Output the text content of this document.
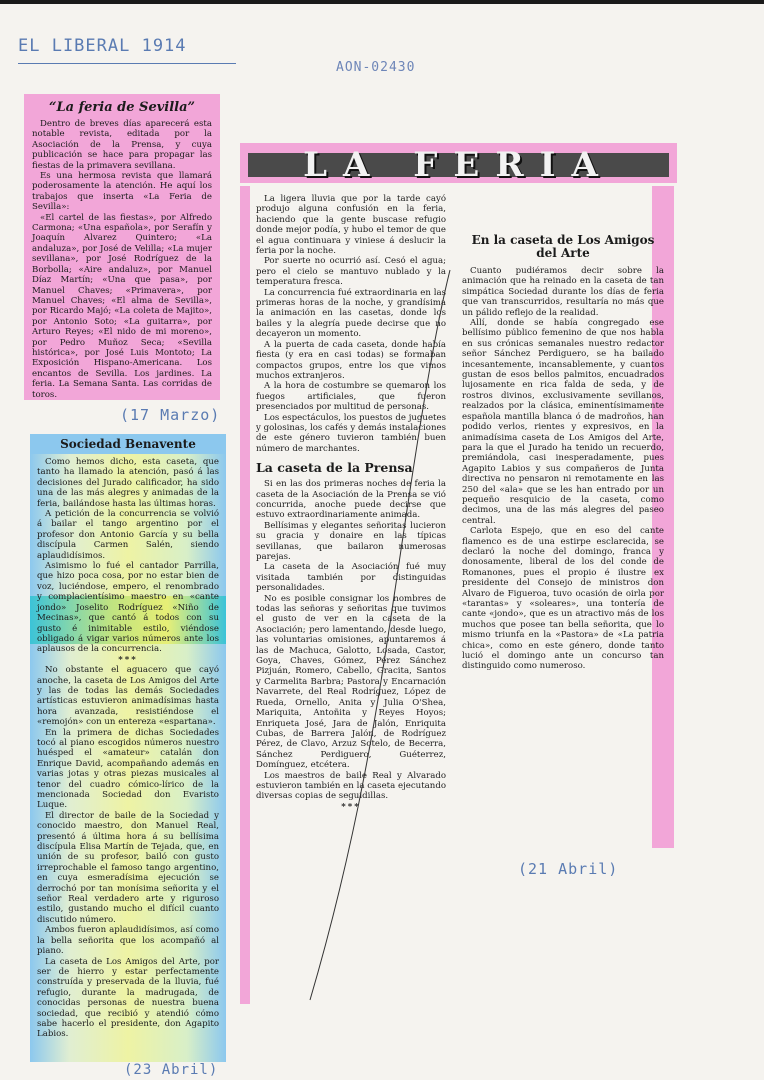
EL LIBERAL 1914
AON-02430

“La feria de Sevilla”

Dentro de breves días aparecerá esta notable revista, editada por la Asociación de la Prensa, y cuya publicación se hace para propagar las fiestas de la primavera sevillana.

Es una hermosa revista que llamará poderosamente la atención. He aquí los trabajos que inserta «La Feria de Sevilla»:

«El cartel de las fiestas», por Alfredo Carmona; «Una española», por Serafín y Joaquín Alvarez Quintero; «La andaluza», por José de Velilla; «La mujer sevillana», por José Rodríguez de la Borbolla; «Aire andaluz», por Manuel Díaz Martín; «Una que pasa», por Manuel Chaves; «Primavera», por Manuel Chaves; «El alma de Sevilla», por Ricardo Majó; «La coleta de Majito», por Antonio Soto; «La guitarra», por Arturo Reyes; «El nido de mi moreno», por Pedro Muñoz Seca; «Sevilla histórica», por José Luis Montoto; La Exposición Hispano-Americana. Los encantos de Sevilla. Los jardines. La feria. La Semana Santa. Las corridas de toros.

(17 Marzo)

Sociedad Benavente

Como hemos dicho, esta caseta, que tanto ha llamado la atención, pasó á las decisiones del Jurado calificador, ha sido una de las más alegres y animadas de la feria, bailándose hasta las últimas horas.

A petición de la concurrencia se volvió á bailar el tango argentino por el profesor don Antonio García y su bella discípula Carmen Salén, siendo aplaudidísimos.

Asimismo lo fué el cantador Parrilla, que hizo poca cosa, por no estar bien de voz, luciéndose, empero, el renombrado y complacientísimo maestro en «cante jondo» Joselito Rodríguez «Niño de Mecinas», que cantó á todos con su gusto é inimitable estilo, viéndose obligado á vigar varios números ante los aplausos de la concurrencia.

***

No obstante el aguacero que cayó anoche, la caseta de Los Amigos del Arte y las de todas las demás Sociedades artísticas estuvieron animadísimas hasta hora avanzada, resistiéndose el «remojón» con un entereza «espartana».

En la primera de dichas Sociedades tocó al piano escogidos números nuestro huésped el «amateur» catalán don Enrique David, acompañando además en varias jotas y otras piezas musicales al tenor del cuadro cómico-lírico de la mencionada Sociedad don Evaristo Luque.

El director de baile de la Sociedad y conocido maestro, don Manuel Real, presentó á última hora á su bellísima discípula Elisa Martín de Tejada, que, en unión de su profesor, bailó con gusto irreprochable el famoso tango argentino, en cuya esmeradísima ejecución se derrochó por tan monísima señorita y el señor Real verdadero arte y riguroso estilo, gustando mucho el difícil cuanto discutido número.

Ambos fueron aplaudidísimos, así como la bella señorita que los acompañó al piano.

La caseta de Los Amigos del Arte, por ser de hierro y estar perfectamente construída y preservada de la lluvia, fué refugio, durante la madrugada, de conocidas personas de nuestra buena sociedad, que recibió y atendió cómo sabe hacerlo el presidente, don Agapito Labios.

(23 Abril)
LA FERIA

La ligera lluvia que por la tarde cayó produjo alguna confusión en la feria, haciendo que la gente buscase refugio donde mejor podía, y hubo el temor de que el agua continuara y viniese á deslucir la feria por la noche.

Por suerte no ocurrió así. Cesó el agua; pero el cielo se mantuvo nublado y la temperatura fresca.

La concurrencia fué extraordinaria en las primeras horas de la noche, y grandísima la animación en las casetas, donde los bailes y la alegría puede decirse que no decayeron un momento.

A la puerta de cada caseta, donde había fiesta (y era en casi todas) se formaban compactos grupos, entre los que vimos muchos extranjeros.

A la hora de costumbre se quemaron los fuegos artificiales, que fueron presenciados por multitud de personas.

Los espectáculos, los puestos de juguetes y golosinas, los cafés y demás instalaciones de este género tuvieron también buen número de marchantes.

La caseta de la Prensa

Si en las dos primeras noches de feria la caseta de la Asociación de la Prensa se vió concurrida, anoche puede decirse que estuvo extraordinariamente animada.

Bellísimas y elegantes señoritas lucieron su gracia y donaire en las típicas sevillanas, que bailaron numerosas parejas.

La caseta de la Asociación fué muy visitada también por distinguidas personalidades.

No es posible consignar los nombres de todas las señoras y señoritas que tuvimos el gusto de ver en la caseta de la Asociación; pero lamentando, desde luego, las voluntarias omisiones, apuntaremos á las de Machuca, Galotto, Losada, Castor, Goya, Chaves, Gómez, Pérez Sánchez Pizjuán, Romero, Cabello, Gracita, Santos y Carmelita Barbra; Pastora y Encarnación Navarrete, del Real Rodríguez, López de Rueda, Ornello, Anita y Julia O'Shea, Mariquita, Antoñita y Reyes Hoyos; Enriqueta José, Jara de Jalón, Enriquita Cubas, de Barrera Jalón, de Rodríguez Pérez, de Clavo, Arzuz Sotelo, de Becerra, Sánchez Perdiguero, Guéterrez, Domínguez, etcétera.

Los maestros de baile Real y Alvarado estuvieron también en la caseta ejecutando diversas copias de seguidillas.

***

En la caseta de Los Amigos del Arte

Cuanto pudiéramos decir sobre la animación que ha reinado en la caseta de tan simpática Sociedad durante los días de feria que van transcurridos, resultaría no más que un pálido reflejo de la realidad.

Allí, donde se había congregado ese bellísimo público femenino de que nos habla en sus crónicas semanales nuestro redactor señor Sánchez Perdiguero, se ha bailado incesantemente, incansablemente, y cuantos gustan de esos bellos palmitos, encuadrados lujosamente en rica falda de seda, y de rostros divinos, exclusivamente sevillanos, realzados por la clásica, eminentísimamente española mantilla blanca ó de madroños, han podido verlos, rientes y expresivos, en la animadísima caseta de Los Amigos del Arte, para la que el Jurado ha tenido un recuerdo, premiándola, casi inesperadamente, pues Agapito Labios y sus compañeros de Junta directiva no pensaron ni remotamente en las 250 del «ala» que se les han entrado por un pequeño resquicio de la caseta, como decimos, una de las más alegres del paseo central.

Carlota Espejo, que en eso del cante flamenco es de una estirpe esclarecida, se declaró la noche del domingo, franca y donosamente, liberal de los del conde de Romanones, pues el propio é ilustre ex presidente del Consejo de ministros don Alvaro de Figueroa, tuvo ocasión de oirla por «tarantas» y «soleares», una tontería de cante «jondo», que es un atractivo más de los muchos que posee tan bella señorita, que lo mismo triunfa en la «Pastora» de «La patria chica», como en este género, donde tanto lució el domingo ante un concurso tan distinguido como numeroso.

(21 Abril)
